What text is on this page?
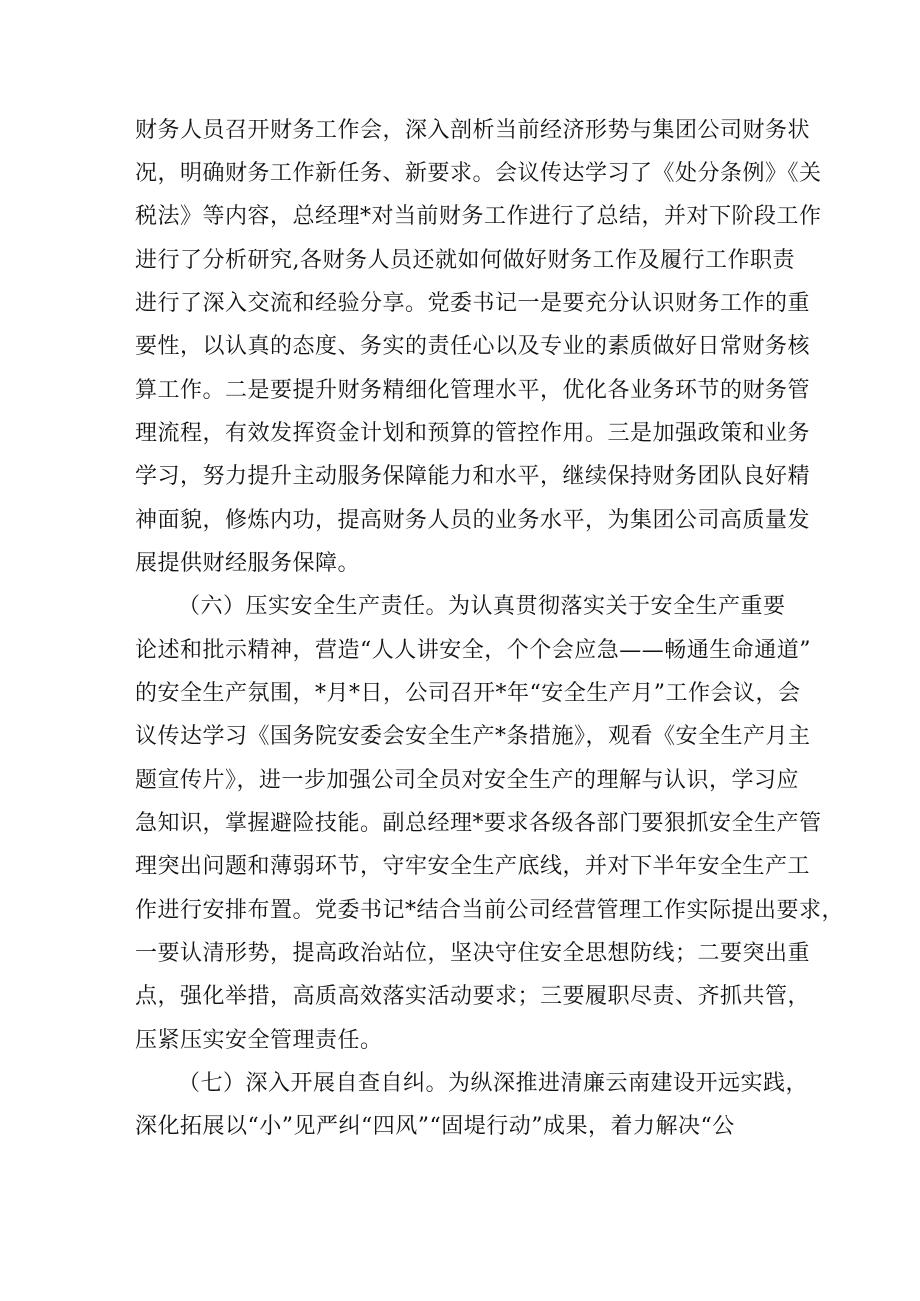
财务人员召开财务工作会，深入剖析当前经济形势与集团公司财务状
况，明确财务工作新任务、新要求。会议传达学习了《处分条例》《关
税法》等内容，总经理*对当前财务工作进行了总结，并对下阶段工作
进行了分析研究,各财务人员还就如何做好财务工作及履行工作职责
进行了深入交流和经验分享。党委书记一是要充分认识财务工作的重
要性，以认真的态度、务实的责任心以及专业的素质做好日常财务核
算工作。二是要提升财务精细化管理水平，优化各业务环节的财务管
理流程，有效发挥资金计划和预算的管控作用。三是加强政策和业务
学习，努力提升主动服务保障能力和水平，继续保持财务团队良好精
神面貌，修炼内功，提高财务人员的业务水平，为集团公司高质量发
展提供财经服务保障。
（六）压实安全生产责任。为认真贯彻落实关于安全生产重要
论述和批示精神，营造“人人讲安全，个个会应急——畅通生命通道”
的安全生产氛围，*月*日，公司召开*年“安全生产月”工作会议，会
议传达学习《国务院安委会安全生产*条措施》，观看《安全生产月主
题宣传片》，进一步加强公司全员对安全生产的理解与认识，学习应
急知识，掌握避险技能。副总经理*要求各级各部门要狠抓安全生产管
理突出问题和薄弱环节，守牢安全生产底线，并对下半年安全生产工
作进行安排布置。党委书记*结合当前公司经营管理工作实际提出要求，
一要认清形势，提高政治站位，坚决守住安全思想防线；二要突出重
点，强化举措，高质高效落实活动要求；三要履职尽责、齐抓共管，
压紧压实安全管理责任。
（七）深入开展自查自纠。为纵深推进清廉云南建设开远实践，
深化拓展以“小”见严纠“四风”“固堤行动”成果，着力解决“公
